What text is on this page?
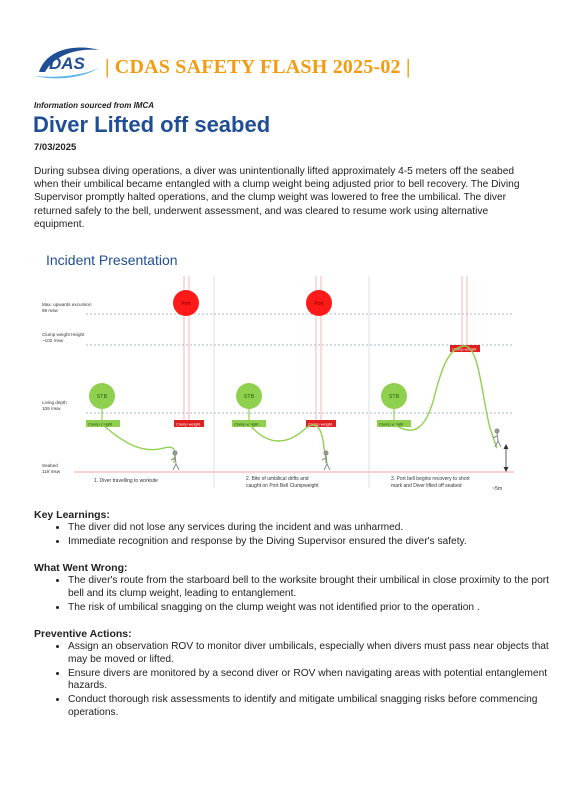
DAS | CDAS SAFETY FLASH 2025-02 |
Information sourced from IMCA
Diver Lifted off seabed
7/03/2025

During subsea diving operations, a diver was unintentionally lifted approximately 4-5 meters off the seabed when their umbilical became entangled with a clump weight being adjusted prior to bell recovery. The Diving Supervisor promptly halted operations, and the clump weight was lowered to free the umbilical. The diver returned safely to the bell, underwent assessment, and was cleared to resume work using alternative equipment.

Incident Presentation
Max. upwards excursion
98 msw
Clump weight Height
~102 msw
Living depth
109 msw
Seabed
119 msw
Port
STB
Clump weight	Clump weight
1. Diver travelling to worksite
Port
STB
Clump weight	Clump weight
2. Bite of umbilical drifts and
caught on Port Bell Clumpweight
Clump weight
STB
Clump weight
~5m
3. Port bell begins recovery to short
mark and Diver lifted off seabed
Key Learnings:
• The diver did not lose any services during the incident and was unharmed.
• Immediate recognition and response by the Diving Supervisor ensured the diver's safety.
What Went Wrong:
• The diver's route from the starboard bell to the worksite brought their umbilical in close proximity to the port bell and its clump weight, leading to entanglement.
• The risk of umbilical snagging on the clump weight was not identified prior to the operation .
Preventive Actions:
• Assign an observation ROV to monitor diver umbilicals, especially when divers must pass near objects that may be moved or lifted.
• Ensure divers are monitored by a second diver or ROV when navigating areas with potential entanglement hazards.
• Conduct thorough risk assessments to identify and mitigate umbilical snagging risks before commencing operations.
